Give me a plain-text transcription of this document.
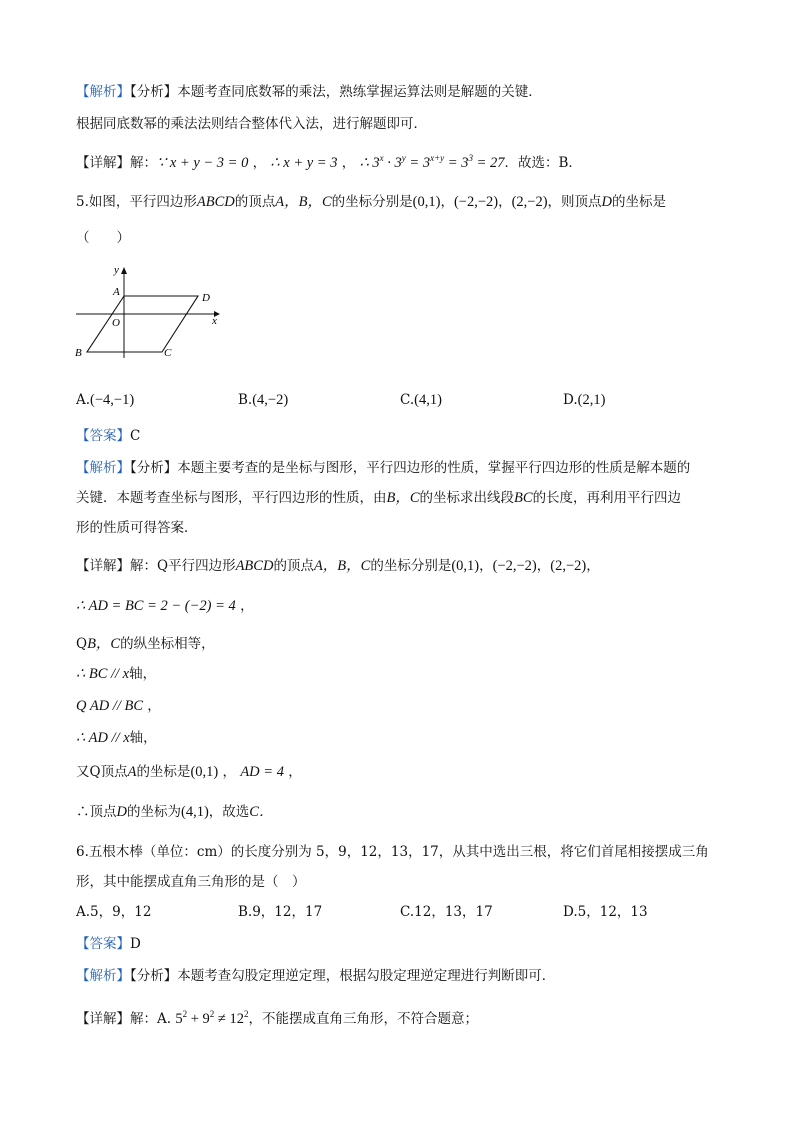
【解析】【分析】本题考查同底数幂的乘法，熟练掌握运算法则是解题的关键．
根据同底数幂的乘法法则结合整体代入法，进行解题即可．
【详解】解：∵ x + y − 3 = 0 ， ∴ x + y = 3 ， ∴ $3^x \cdot 3^y = 3^{x+y} = 3^3 = 27$．故选：B．
5.如图，平行四边形ABCD的顶点A，B，C的坐标分别是(0,1)，(−2,−2)，(2,−2)，则顶点D的坐标是
（　　）
y
x
A
O
D
B	C
A.(−4,−1)	B.(4,−2)	C.(4,1)	D.(2,1)
【答案】C
【解析】【分析】本题主要考查的是坐标与图形，平行四边形的性质，掌握平行四边形的性质是解本题的
关键．本题考查坐标与图形，平行四边形的性质，由B，C的坐标求出线段BC的长度，再利用平行四边
形的性质可得答案．
【详解】解：Q平行四边形ABCD的顶点A，B，C的坐标分别是(0,1)，(−2,−2)，(2,−2)，
∴ AD = BC = 2 − (−2) = 4 ，
QB，C的纵坐标相等，
∴ BC // x轴，
Q AD // BC ，
∴ AD // x轴，
又Q顶点A的坐标是(0,1) ， AD = 4 ，
∴顶点D的坐标为(4,1)，故选C．
6.五根木棒（单位：cm）的长度分别为 5，9，12，13，17，从其中选出三根，将它们首尾相接摆成三角
形，其中能摆成直角三角形的是（　）
A.5，9，12	B.9，12，17	C.12，13，17	D.5，12，13
【答案】D
【解析】【分析】本题考查勾股定理逆定理，根据勾股定理逆定理进行判断即可．
【详解】解：A. $5^2 + 9^2 \ne 12^2$，不能摆成直角三角形，不符合题意；
